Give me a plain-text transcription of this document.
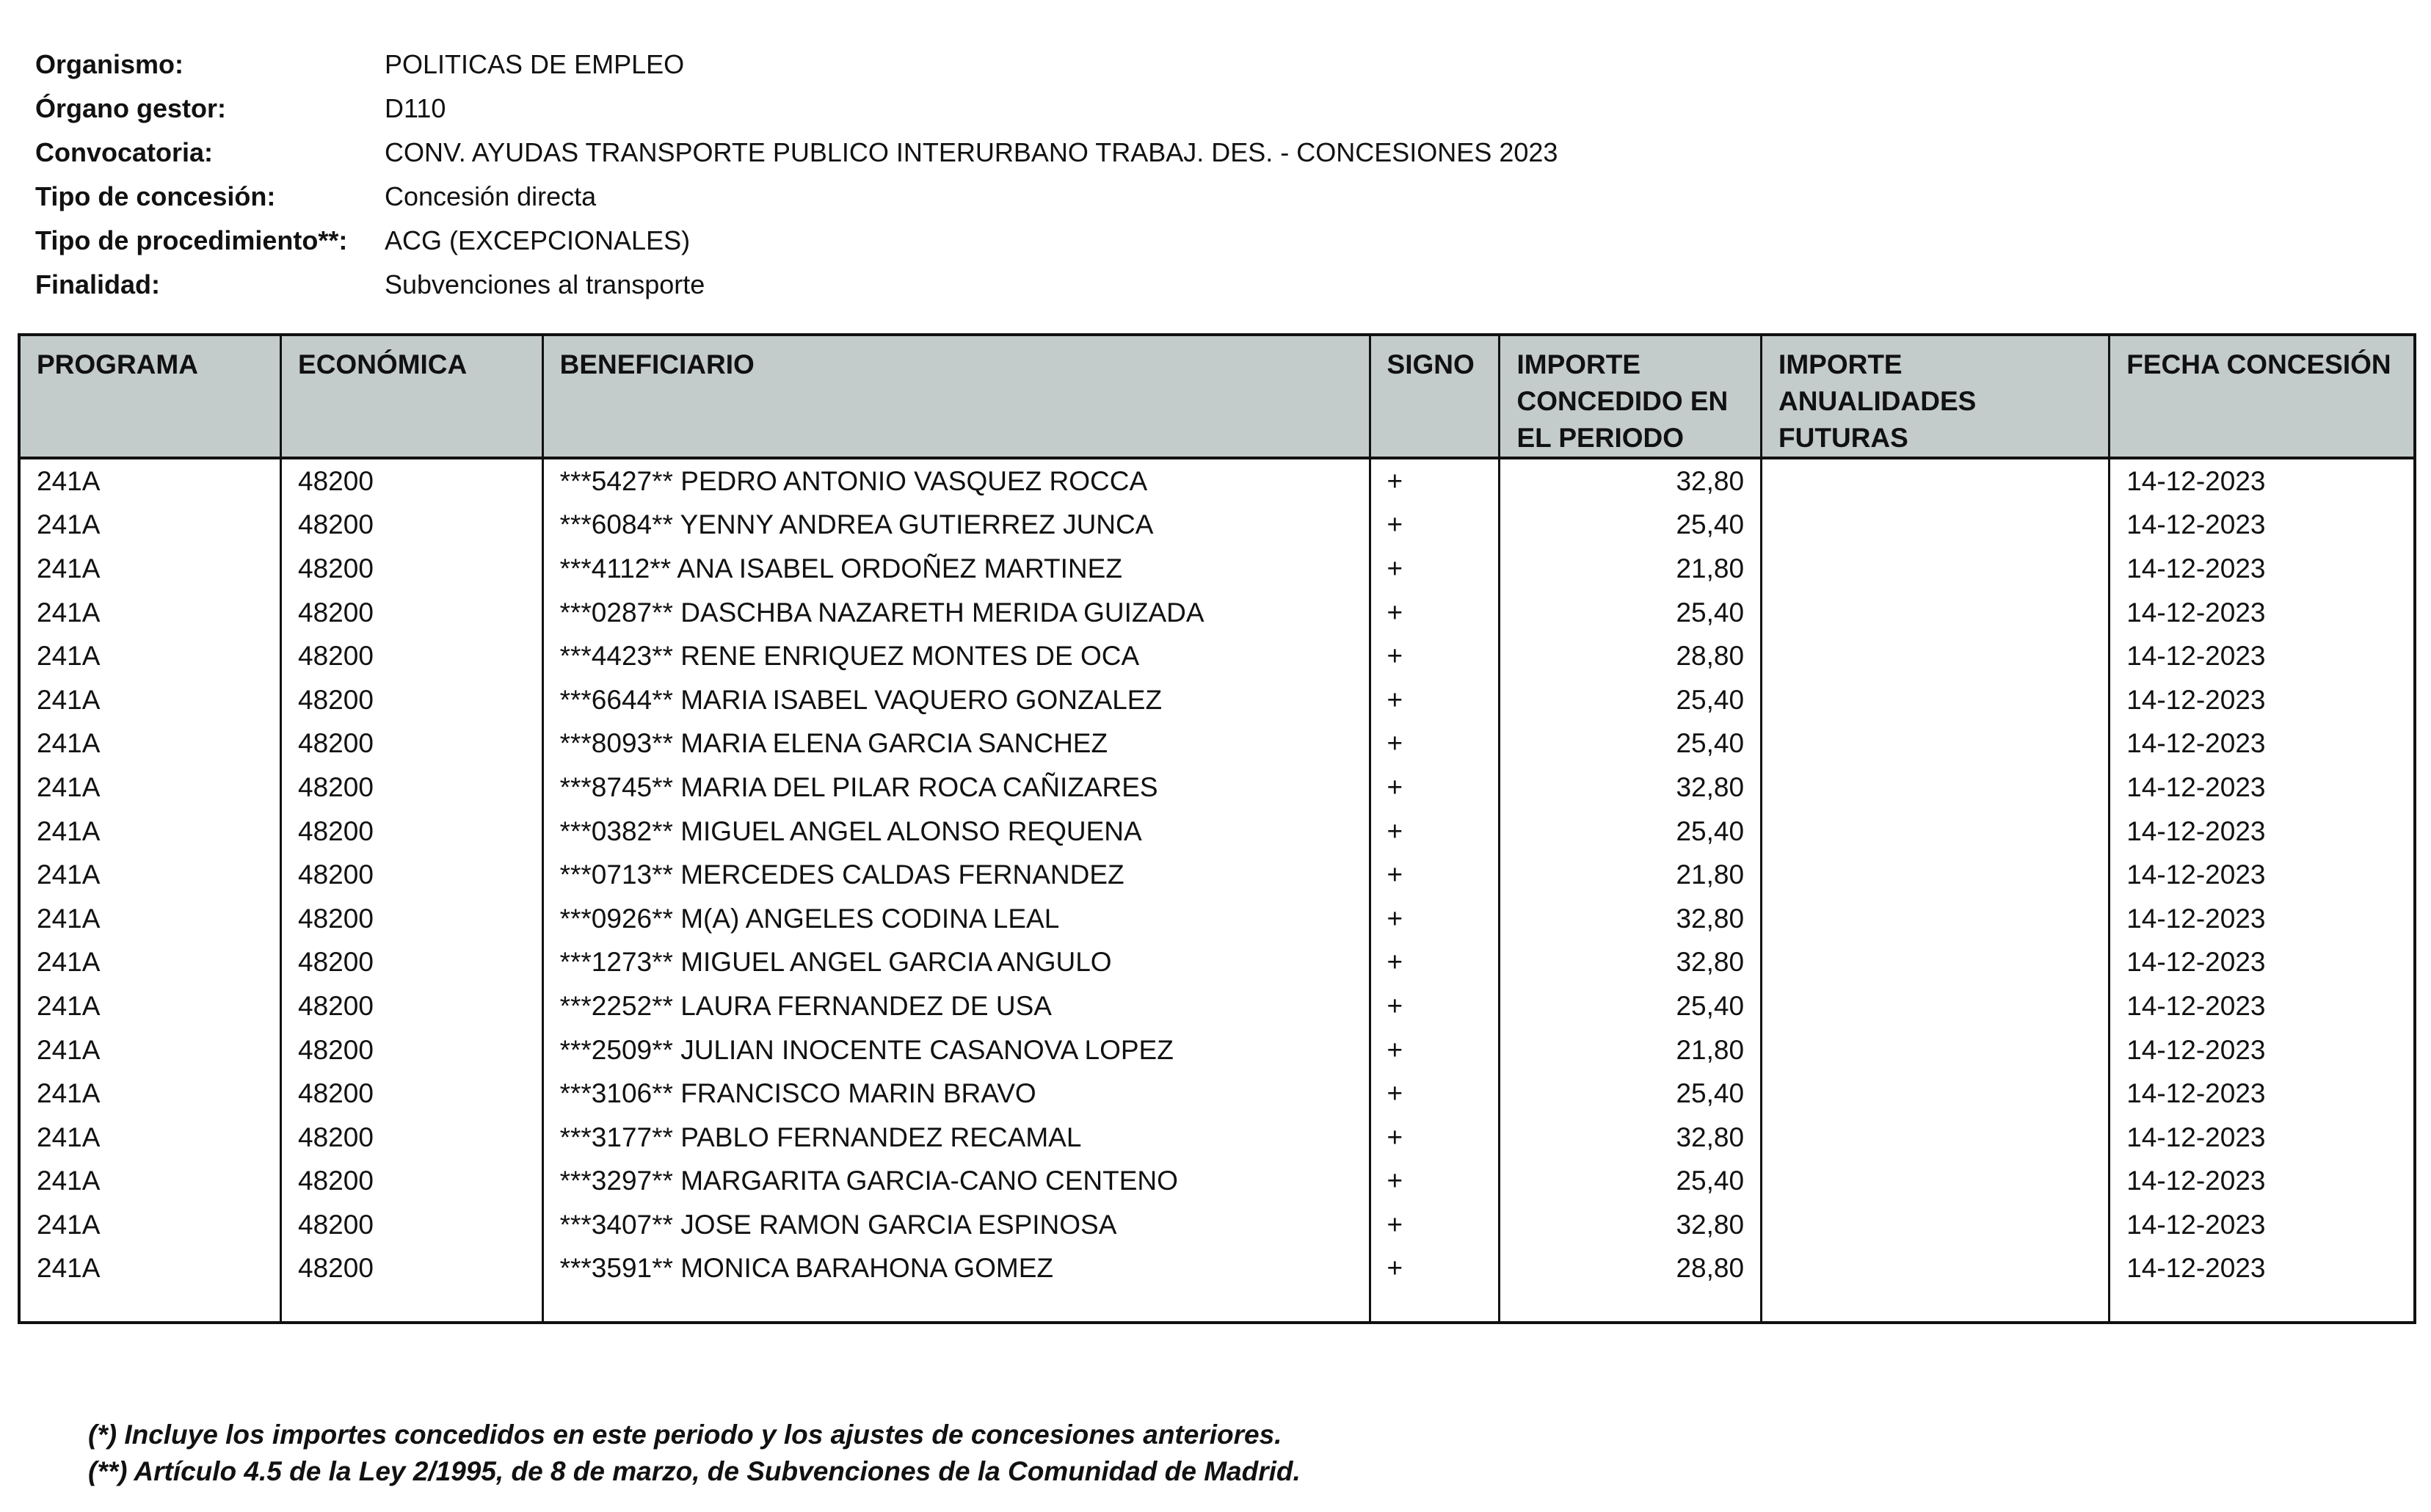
Organismo:	POLITICAS DE EMPLEO
Órgano gestor:	D110
Convocatoria:	CONV. AYUDAS TRANSPORTE PUBLICO INTERURBANO TRABAJ. DES. - CONCESIONES 2023
Tipo de concesión:	Concesión directa
Tipo de procedimiento**:	ACG (EXCEPCIONALES)
Finalidad:	Subvenciones al transporte
PROGRAMA	ECONÓMICA	BENEFICIARIO	SIGNO	IMPORTE CONCEDIDO EN EL PERIODO	IMPORTE ANUALIDADES FUTURAS	FECHA CONCESIÓN
241A	48200	***5427** PEDRO ANTONIO VASQUEZ ROCCA	+	32,80		14-12-2023
241A	48200	***6084** YENNY ANDREA GUTIERREZ JUNCA	+	25,40		14-12-2023
241A	48200	***4112** ANA ISABEL ORDOÑEZ MARTINEZ	+	21,80		14-12-2023
241A	48200	***0287** DASCHBA NAZARETH MERIDA GUIZADA	+	25,40		14-12-2023
241A	48200	***4423** RENE ENRIQUEZ MONTES DE OCA	+	28,80		14-12-2023
241A	48200	***6644** MARIA ISABEL VAQUERO GONZALEZ	+	25,40		14-12-2023
241A	48200	***8093** MARIA ELENA GARCIA SANCHEZ	+	25,40		14-12-2023
241A	48200	***8745** MARIA DEL PILAR ROCA CAÑIZARES	+	32,80		14-12-2023
241A	48200	***0382** MIGUEL ANGEL ALONSO REQUENA	+	25,40		14-12-2023
241A	48200	***0713** MERCEDES CALDAS FERNANDEZ	+	21,80		14-12-2023
241A	48200	***0926** M(A) ANGELES CODINA LEAL	+	32,80		14-12-2023
241A	48200	***1273** MIGUEL ANGEL GARCIA ANGULO	+	32,80		14-12-2023
241A	48200	***2252** LAURA FERNANDEZ DE USA	+	25,40		14-12-2023
241A	48200	***2509** JULIAN INOCENTE CASANOVA LOPEZ	+	21,80		14-12-2023
241A	48200	***3106** FRANCISCO MARIN BRAVO	+	25,40		14-12-2023
241A	48200	***3177** PABLO FERNANDEZ RECAMAL	+	32,80		14-12-2023
241A	48200	***3297** MARGARITA GARCIA-CANO CENTENO	+	25,40		14-12-2023
241A	48200	***3407** JOSE RAMON GARCIA ESPINOSA	+	32,80		14-12-2023
241A	48200	***3591** MONICA BARAHONA GOMEZ	+	28,80		14-12-2023

(*) Incluye los importes concedidos en este periodo y los ajustes de concesiones anteriores.
(**) Artículo 4.5 de la Ley 2/1995, de 8 de marzo, de Subvenciones de la Comunidad de Madrid.
